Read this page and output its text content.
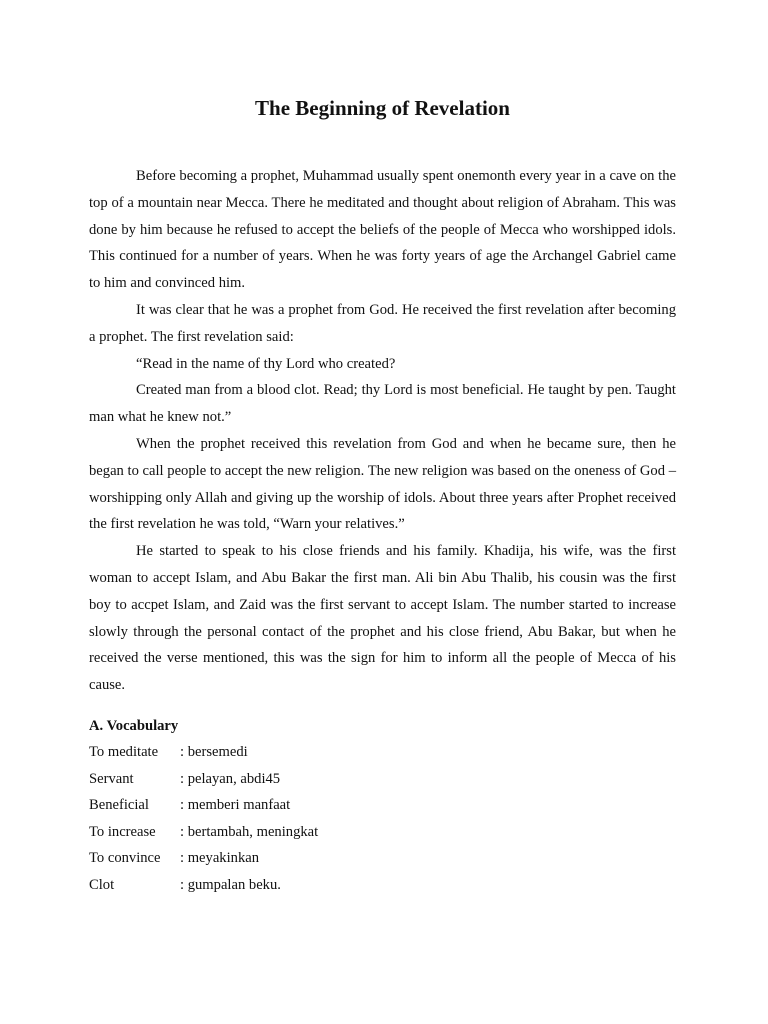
The Beginning of Revelation

Before becoming a prophet, Muhammad usually spent onemonth every year in a cave on the top of a mountain near Mecca. There he meditated and thought about religion of Abraham. This was done by him because he refused to accept the beliefs of the people of Mecca who worshipped idols. This continued for a number of years. When he was forty years of age the Archangel Gabriel came to him and convinced him.

It was clear that he was a prophet from God. He received the first revelation after becoming a prophet. The first revelation said:

“Read in the name of thy Lord who created?

Created man from a blood clot. Read; thy Lord is most beneficial. He taught by pen. Taught man what he knew not.”

When the prophet received this revelation from God and when he became sure, then he began to call people to accept the new religion. The new religion was based on the oneness of God – worshipping only Allah and giving up the worship of idols. About three years after Prophet received the first revelation he was told, “Warn your relatives.”

He started to speak to his close friends and his family. Khadija, his wife, was the first woman to accept Islam, and Abu Bakar the first man. Ali bin Abu Thalib, his cousin was the first boy to accpet Islam, and Zaid was the first servant to accept Islam. The number started to increase slowly through the personal contact of the prophet and his close friend, Abu Bakar, but when he received the verse mentioned, this was the sign for him to inform all the people of Mecca of his cause.

A. Vocabulary
To meditate	: bersemedi
Servant	: pelayan, abdi45
Beneficial	: memberi manfaat
To increase	: bertambah, meningkat
To convince	: meyakinkan
Clot	: gumpalan beku.
